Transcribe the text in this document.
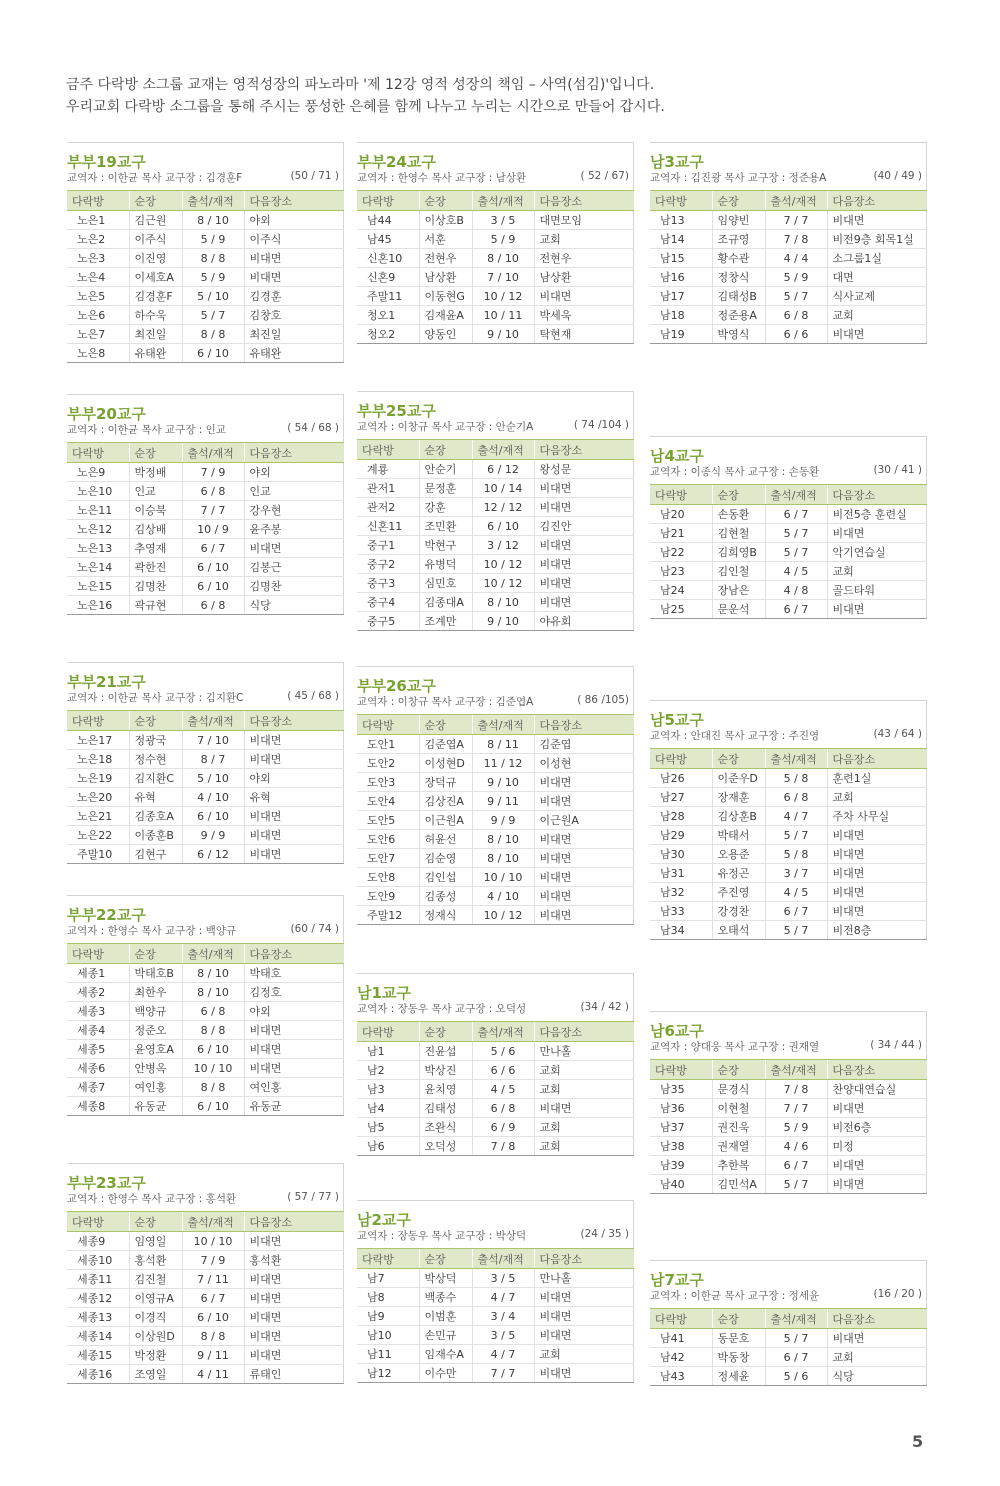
금주 다락방 소그룹 교재는 영적성장의 파노라마 '제 12강 영적 성장의 책임 – 사역(섬김)'입니다.
우리교회 다락방 소그룹을 통해 주시는 풍성한 은혜를 함께 나누고 누리는 시간으로 만들어 갑시다.
부부19교구
교역자 : 이한균 목사 교구장 : 김경훈F	(50 / 71 )
다락방	순장	출석/재적	다음장소
노은1	김근원	8 / 10	야외
노은2	이주식	5 / 9	이주식
노은3	이진영	8 / 8	비대면
노은4	이세호A	5 / 9	비대면
노은5	김경훈F	5 / 10	김경훈
노은6	하수욱	5 / 7	김창호
노은7	최진일	8 / 8	최진일
노은8	유태완	6 / 10	유태완
부부20교구
교역자 : 이한균 목사 교구장 : 인교	( 54 / 68 )
다락방	순장	출석/재적	다음장소
노은9	박정배	7 / 9	야외
노은10	인교	6 / 8	인교
노은11	이승북	7 / 7	강우현
노은12	김상배	10 / 9	윤주봉
노은13	추영재	6 / 7	비대면
노은14	곽한진	6 / 10	김봉근
노은15	김명찬	6 / 10	김명찬
노은16	곽규현	6 / 8	식당
부부21교구
교역자 : 이한균 목사 교구장 : 김지환C	( 45 / 68 )
다락방	순장	출석/재적	다음장소
노은17	정광국	7 / 10	비대면
노은18	정수현	8 / 7	비대면
노은19	김지환C	5 / 10	야외
노은20	유혁	4 / 10	유혁
노은21	김종호A	6 / 10	비대면
노은22	이종훈B	9 / 9	비대면
주말10	김현구	6 / 12	비대면
부부22교구
교역자 : 한영수 목사 교구장 : 백양규	(60 / 74 )
다락방	순장	출석/재적	다음장소
세종1	박태호B	8 / 10	박태호
세종2	최한우	8 / 10	김정호
세종3	백양규	6 / 8	야외
세종4	정준오	8 / 8	비대면
세종5	윤영호A	6 / 10	비대면
세종6	안병옥	10 / 10	비대면
세종7	여인홍	8 / 8	여인홍
세종8	유동균	6 / 10	유동균
부부23교구
교역자 : 한영수 목사 교구장 : 홍석환	( 57 / 77 )
다락방	순장	출석/재적	다음장소
세종9	임영일	10 / 10	비대면
세종10	홍석환	7 / 9	홍석환
세종11	김진철	7 / 11	비대면
세종12	이영규A	6 / 7	비대면
세종13	이경직	6 / 10	비대면
세종14	이상원D	8 / 8	비대면
세종15	박정환	9 / 11	비대면
세종16	조영일	4 / 11	류태인
부부24교구
교역자 : 한영수 목사 교구장 : 남상환	( 52 / 67)
다락방	순장	출석/재적	다음장소
남44	이상호B	3 / 5	대면모임
남45	서훈	5 / 9	교회
신혼10	전현우	8 / 10	전현우
신혼9	남상환	7 / 10	남상환
주말11	이동현G	10 / 12	비대면
청오1	김재윤A	10 / 11	박세욱
청오2	양동인	9 / 10	탁현재
부부25교구
교역자 : 이창규 목사 교구장 : 안순기A	( 74 /104 )
다락방	순장	출석/재적	다음장소
계룡	안순기	6 / 12	왕성문
관저1	문정훈	10 / 14	비대면
관저2	강훈	12 / 12	비대면
신혼11	조민환	6 / 10	김진안
중구1	박현구	3 / 12	비대면
중구2	유병덕	10 / 12	비대면
중구3	심민호	10 / 12	비대면
중구4	김종대A	8 / 10	비대면
중구5	조계만	9 / 10	야유회
부부26교구
교역자 : 이창규 목사 교구장 : 김준엽A	( 86 /105)
다락방	순장	출석/재적	다음장소
도안1	김준엽A	8 / 11	김준엽
도안2	이성현D	11 / 12	이성현
도안3	장덕규	9 / 10	비대면
도안4	김상진A	9 / 11	비대면
도안5	이근원A	9 / 9	이근원A
도안6	허윤선	8 / 10	비대면
도안7	김순영	8 / 10	비대면
도안8	김인섭	10 / 10	비대면
도안9	김종성	4 / 10	비대면
주말12	정재식	10 / 12	비대면
남1교구
교역자 : 장동우 목사 교구장 : 오덕성	(34 / 42 )
다락방	순장	출석/재적	다음장소
남1	진윤섭	5 / 6	만나홀
남2	박상진	6 / 6	교회
남3	윤치영	4 / 5	교회
남4	김태성	6 / 8	비대면
남5	조완식	6 / 9	교회
남6	오덕성	7 / 8	교회
남2교구
교역자 : 장동우 목사 교구장 : 박상덕	(24 / 35 )
다락방	순장	출석/재적	다음장소
남7	박상덕	3 / 5	만나홀
남8	백종수	4 / 7	비대면
남9	이범훈	3 / 4	비대면
남10	손민규	3 / 5	비대면
남11	임재수A	4 / 7	교회
남12	이수만	7 / 7	비대면
남3교구
교역자 : 김진광 목사 교구장 : 정준용A	(40 / 49 )
다락방	순장	출석/재적	다음장소
남13	임양빈	7 / 7	비대면
남14	조규영	7 / 8	비전9층 회목1실
남15	황수관	4 / 4	소그룹1실
남16	정창식	5 / 9	대면
남17	김태성B	5 / 7	식사교제
남18	정준용A	6 / 8	교회
남19	박영식	6 / 6	비대면
남4교구
교역자 : 이종식 목사 교구장 : 손동환	(30 / 41 )
다락방	순장	출석/재적	다음장소
남20	손동환	6 / 7	비전5층 훈련실
남21	김현철	5 / 7	비대면
남22	김희영B	5 / 7	악기연습실
남23	김인철	4 / 5	교회
남24	장남은	4 / 8	골드타워
남25	문운석	6 / 7	비대면
남5교구
교역자 : 안대진 목사 교구장 : 주진영	(43 / 64 )
다락방	순장	출석/재적	다음장소
남26	이준우D	5 / 8	훈련1실
남27	장재훈	6 / 8	교회
남28	김상훈B	4 / 7	주차 사무실
남29	박태서	5 / 7	비대면
남30	오용준	5 / 8	비대면
남31	유정곤	3 / 7	비대면
남32	주진영	4 / 5	비대면
남33	강경찬	6 / 7	비대면
남34	오태석	5 / 7	비전8층
남6교구
교역자 : 양대웅 목사 교구장 : 권재열	( 34 / 44 )
다락방	순장	출석/재적	다음장소
남35	문경식	7 / 8	찬양대연습실
남36	이현철	7 / 7	비대면
남37	권진욱	5 / 9	비전6층
남38	권재열	4 / 6	미정
남39	추한복	6 / 7	비대면
남40	김민석A	5 / 7	비대면
남7교구
교역자 : 이한균 목사 교구장 : 정세윤	(16 / 20 )
다락방	순장	출석/재적	다음장소
남41	동문호	5 / 7	비대면
남42	박동창	6 / 7	교회
남43	정세윤	5 / 6	식당
5
